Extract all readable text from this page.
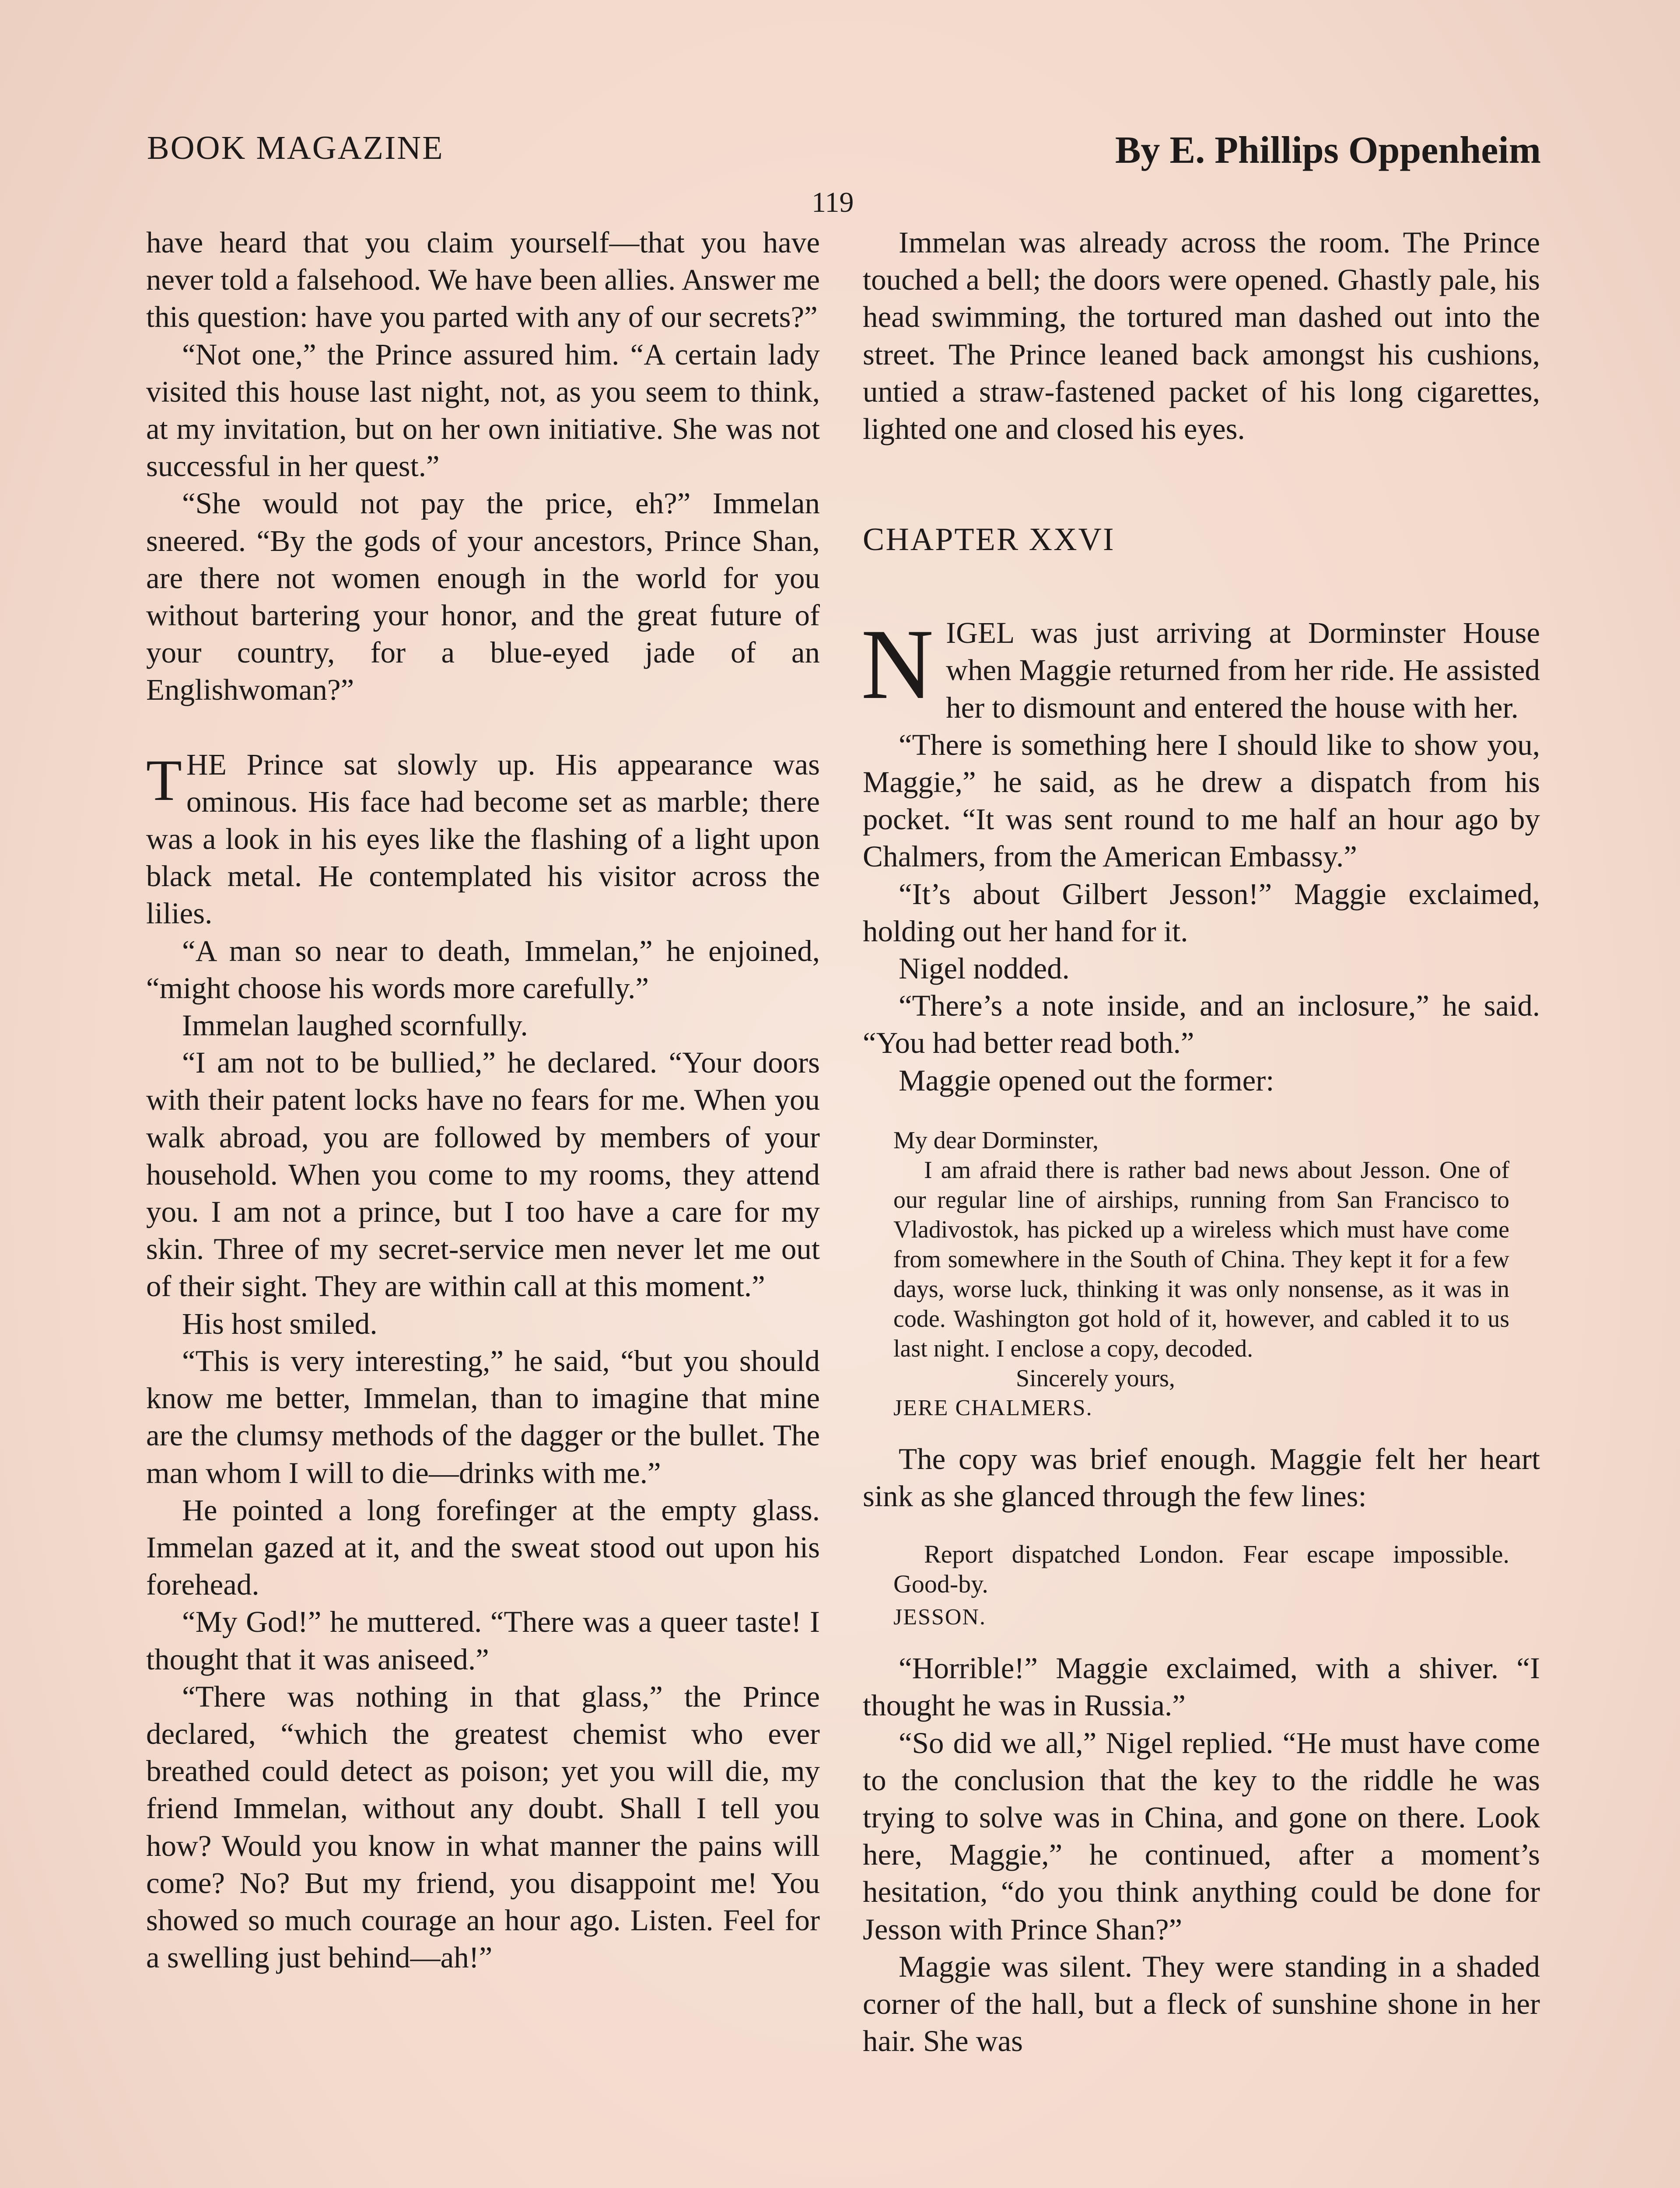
BOOK MAGAZINE	By E. Phillips Oppenheim
119

have heard that you claim yourself—that you have never told a falsehood. We have been allies. Answer me this question: have you parted with any of our secrets?”

“Not one,” the Prince assured him. “A certain lady visited this house last night, not, as you seem to think, at my invitation, but on her own initiative. She was not successful in her quest.”

“She would not pay the price, eh?” Immelan sneered. “By the gods of your ancestors, Prince Shan, are there not women enough in the world for you without bartering your honor, and the great future of your country, for a blue-eyed jade of an Englishwoman?”

THE Prince sat slowly up. His appearance was ominous. His face had become set as marble; there was a look in his eyes like the flashing of a light upon black metal. He contemplated his visitor across the lilies.

“A man so near to death, Immelan,” he enjoined, “might choose his words more carefully.”

Immelan laughed scornfully.

“I am not to be bullied,” he declared. “Your doors with their patent locks have no fears for me. When you walk abroad, you are followed by members of your household. When you come to my rooms, they attend you. I am not a prince, but I too have a care for my skin. Three of my secret-service men never let me out of their sight. They are within call at this moment.”

His host smiled.

“This is very interesting,” he said, “but you should know me better, Immelan, than to imagine that mine are the clumsy methods of the dagger or the bullet. The man whom I will to die—drinks with me.”

He pointed a long forefinger at the empty glass. Immelan gazed at it, and the sweat stood out upon his forehead.

“My God!” he muttered. “There was a queer taste! I thought that it was aniseed.”

“There was nothing in that glass,” the Prince declared, “which the greatest chemist who ever breathed could detect as poison; yet you will die, my friend Immelan, without any doubt. Shall I tell you how? Would you know in what manner the pains will come? No? But my friend, you disappoint me! You showed so much courage an hour ago. Listen. Feel for a swelling just behind—ah!”

Immelan was already across the room. The Prince touched a bell; the doors were opened. Ghastly pale, his head swimming, the tortured man dashed out into the street. The Prince leaned back amongst his cushions, untied a straw-fastened packet of his long cigarettes, lighted one and closed his eyes.

CHAPTER XXVI

NIGEL was just arriving at Dorminster House when Maggie returned from her ride. He assisted her to dismount and entered the house with her.

“There is something here I should like to show you, Maggie,” he said, as he drew a dispatch from his pocket. “It was sent round to me half an hour ago by Chalmers, from the American Embassy.”

“It’s about Gilbert Jesson!” Maggie exclaimed, holding out her hand for it.

Nigel nodded.

“There’s a note inside, and an inclosure,” he said. “You had better read both.”

Maggie opened out the former:

My dear Dorminster,

I am afraid there is rather bad news about Jesson. One of our regular line of airships, running from San Francisco to Vladivostok, has picked up a wireless which must have come from somewhere in the South of China. They kept it for a few days, worse luck, thinking it was only nonsense, as it was in code. Washington got hold of it, however, and cabled it to us last night. I enclose a copy, decoded.

Sincerely yours,

JERE CHALMERS.

The copy was brief enough. Maggie felt her heart sink as she glanced through the few lines:

Report dispatched London. Fear escape impossible. Good-by.

JESSON.

“Horrible!” Maggie exclaimed, with a shiver. “I thought he was in Russia.”

“So did we all,” Nigel replied. “He must have come to the conclusion that the key to the riddle he was trying to solve was in China, and gone on there. Look here, Maggie,” he continued, after a moment’s hesitation, “do you think anything could be done for Jesson with Prince Shan?”

Maggie was silent. They were standing in a shaded corner of the hall, but a fleck of sunshine shone in her hair. She was
